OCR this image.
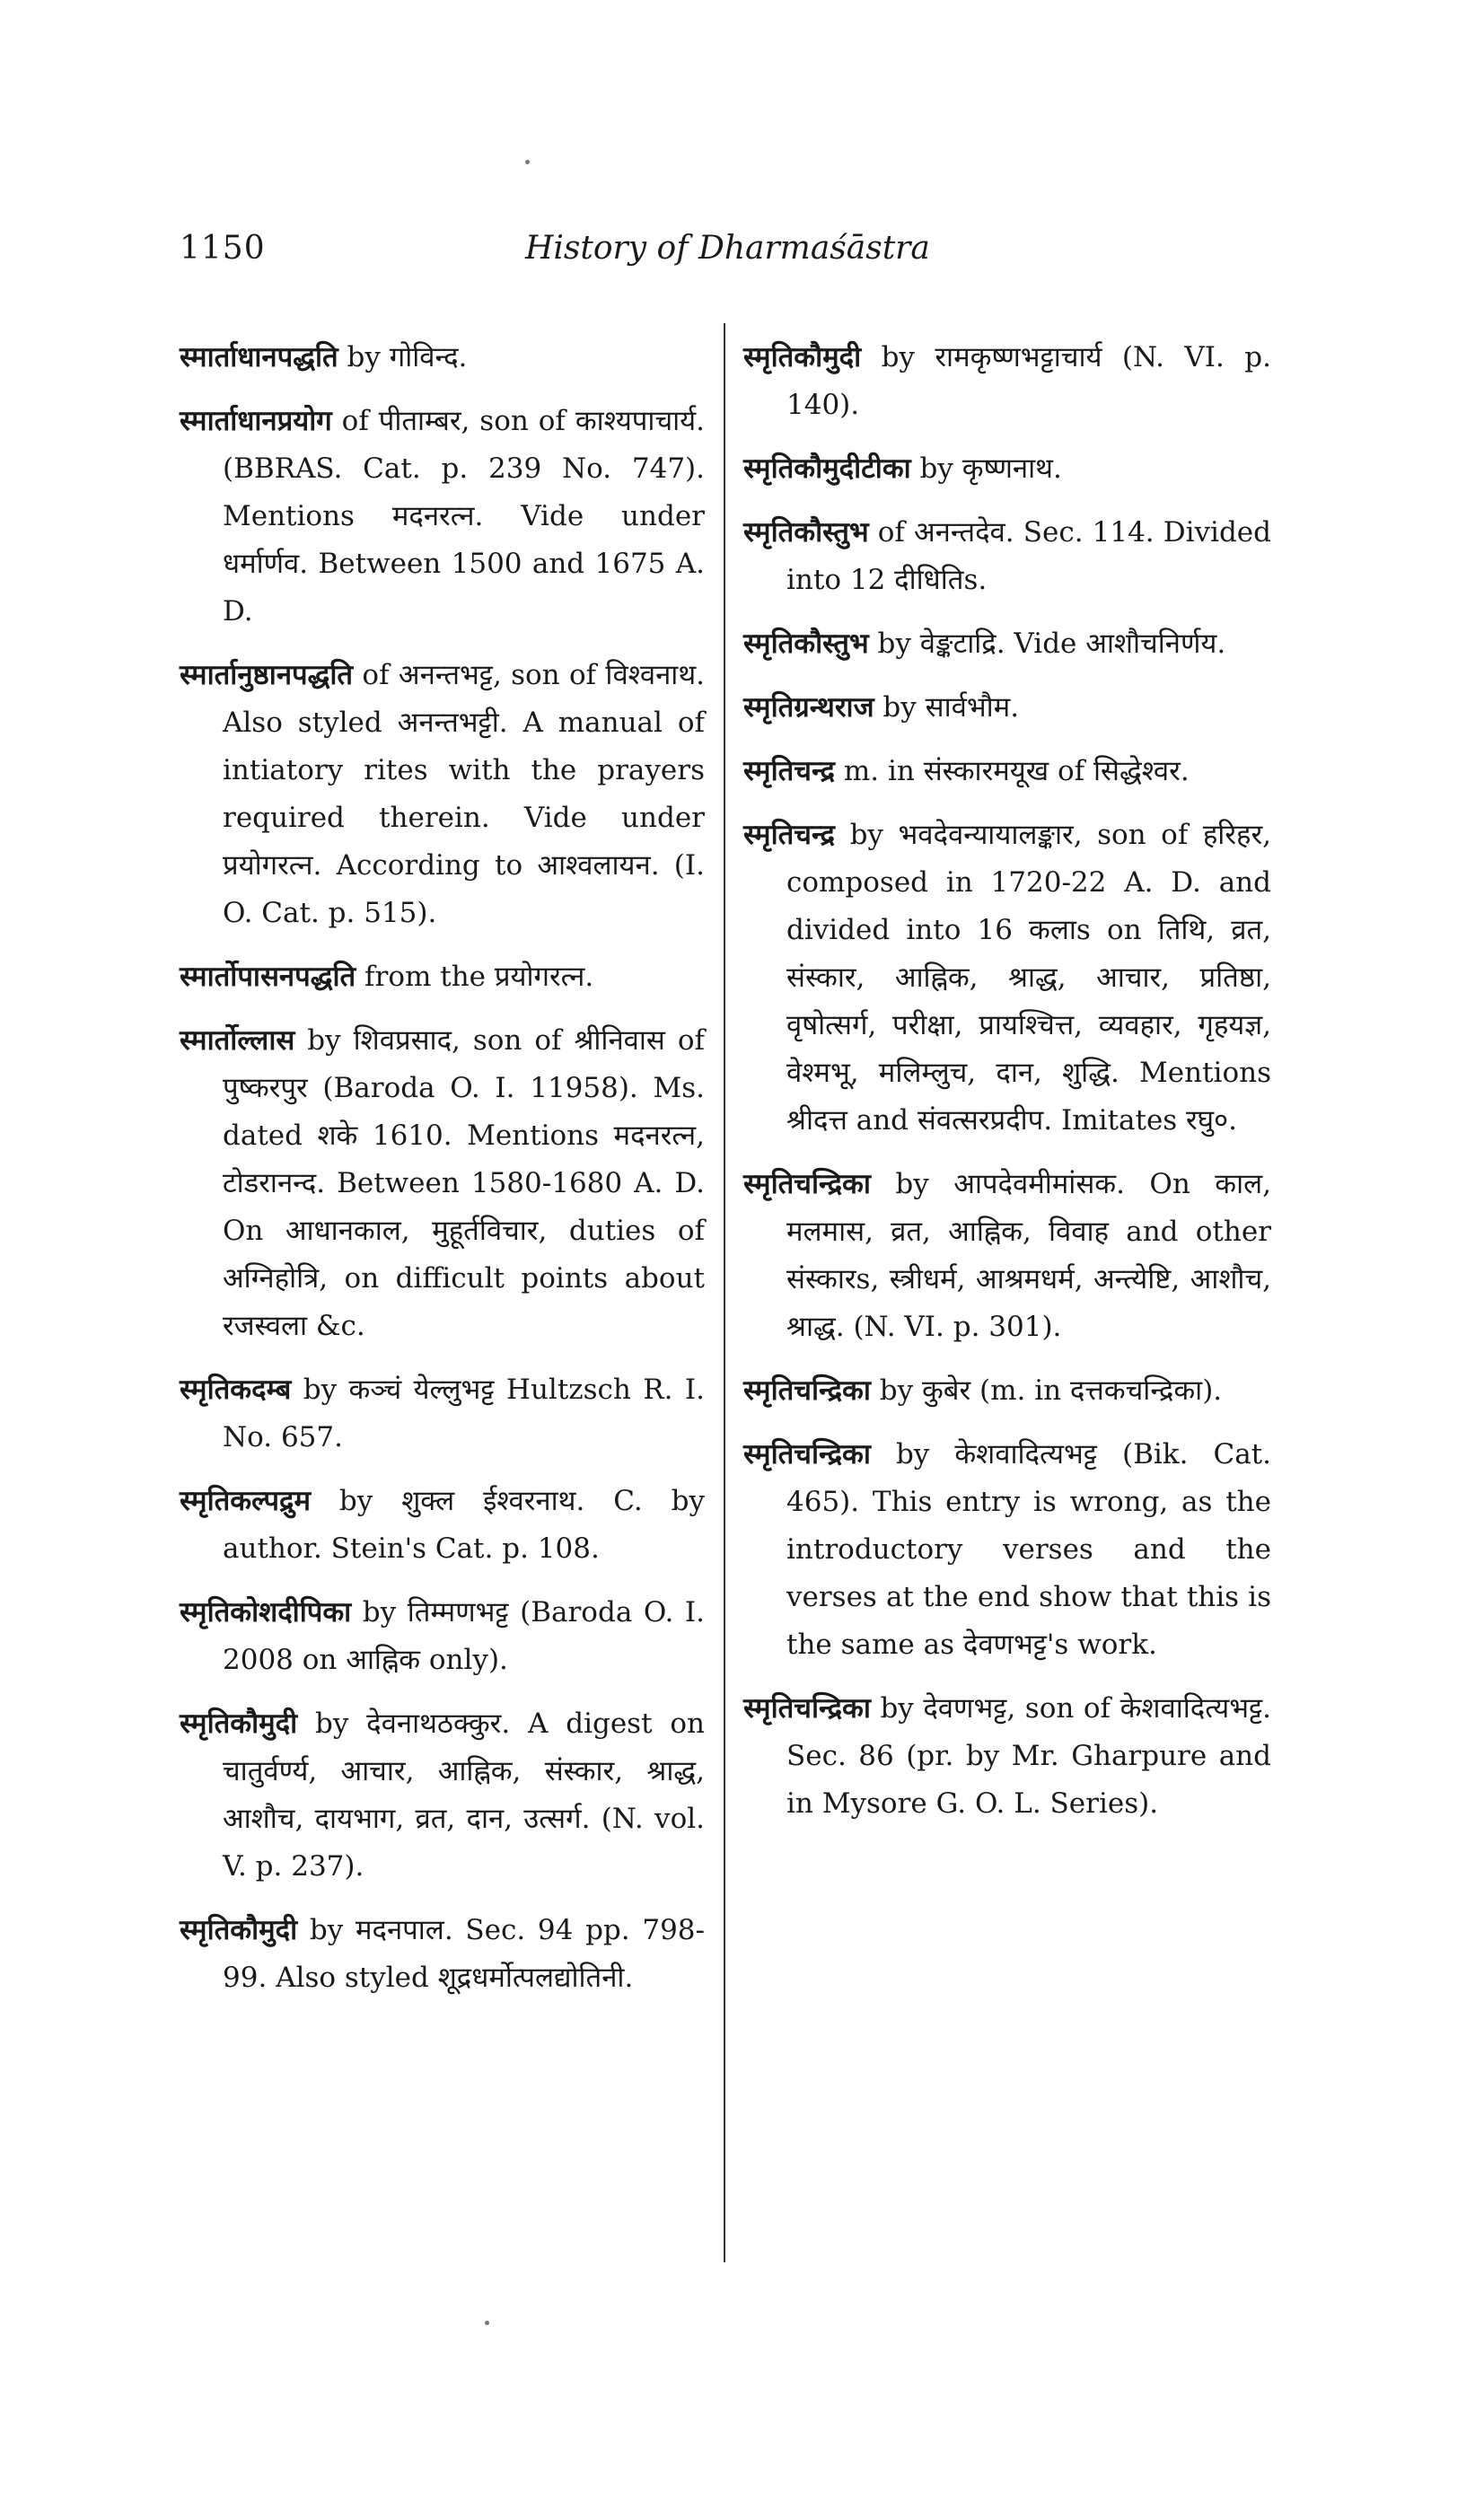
1150	History of Dharmaśāstra

स्मार्ताधानपद्धति by गोविन्द.

स्मार्ताधानप्रयोग of पीताम्बर, son of काश्यपाचार्य. (BBRAS. Cat. p. 239 No. 747). Mentions मदनरत्न. Vide under धर्मार्णव. Between 1500 and 1675 A. D.

स्मार्तानुष्ठानपद्धति of अनन्तभट्ट, son of विश्वनाथ. Also styled अनन्तभट्टी. A manual of intiatory rites with the prayers required therein. Vide under प्रयोगरत्न. According to आश्वलायन. (I. O. Cat. p. 515).

स्मार्तोपासनपद्धति from the प्रयोगरत्न.

स्मार्तोल्लास by शिवप्रसाद, son of श्रीनिवास of पुष्करपुर (Baroda O. I. 11958). Ms. dated शके 1610. Mentions मदनरत्न, टोडरानन्द. Between 1580-1680 A. D. On आधानकाल, मुहूर्तविचार, duties of अग्निहोत्रि, on difficult points about रजस्वला &c.

स्मृतिकदम्ब by कञ्चं येल्लुभट्ट Hultzsch R. I. No. 657.

स्मृतिकल्पद्रुम by शुक्ल ईश्वरनाथ. C. by author. Stein's Cat. p. 108.

स्मृतिकोशदीपिका by तिम्मणभट्ट (Baroda O. I. 2008 on आह्निक only).

स्मृतिकौमुदी by देवनाथठक्कुर. A digest on चातुर्वर्ण्य, आचार, आह्निक, संस्कार, श्राद्ध, आशौच, दायभाग, व्रत, दान, उत्सर्ग. (N. vol. V. p. 237).

स्मृतिकौमुदी by मदनपाल. Sec. 94 pp. 798-99. Also styled शूद्रधर्मोत्पलद्योतिनी.

स्मृतिकौमुदी by रामकृष्णभट्टाचार्य (N. VI. p. 140).

स्मृतिकौमुदीटीका by कृष्णनाथ.

स्मृतिकौस्तुभ of अनन्तदेव. Sec. 114. Divided into 12 दीधितिs.

स्मृतिकौस्तुभ by वेङ्कटाद्रि. Vide आशौचनिर्णय.

स्मृतिग्रन्थराज by सार्वभौम.

स्मृतिचन्द्र m. in संस्कारमयूख of सिद्धेश्वर.

स्मृतिचन्द्र by भवदेवन्यायालङ्कार, son of हरिहर, composed in 1720-22 A. D. and divided into 16 कलाs on तिथि, व्रत, संस्कार, आह्निक, श्राद्ध, आचार, प्रतिष्ठा, वृषोत्सर्ग, परीक्षा, प्रायश्चित्त, व्यवहार, गृहयज्ञ, वेश्मभू, मलिम्लुच, दान, शुद्धि. Mentions श्रीदत्त and संवत्सरप्रदीप. Imitates रघु०.

स्मृतिचन्द्रिका by आपदेवमीमांसक. On काल, मलमास, व्रत, आह्निक, विवाह and other संस्कारs, स्त्रीधर्म, आश्रमधर्म, अन्त्येष्टि, आशौच, श्राद्ध. (N. VI. p. 301).

स्मृतिचन्द्रिका by कुबेर (m. in दत्तकचन्द्रिका).

स्मृतिचन्द्रिका by केशवादित्यभट्ट (Bik. Cat. 465). This entry is wrong, as the introductory verses and the verses at the end show that this is the same as देवणभट्ट's work.

स्मृतिचन्द्रिका by देवणभट्ट, son of केशवादित्यभट्ट. Sec. 86 (pr. by Mr. Gharpure and in Mysore G. O. L. Series).
